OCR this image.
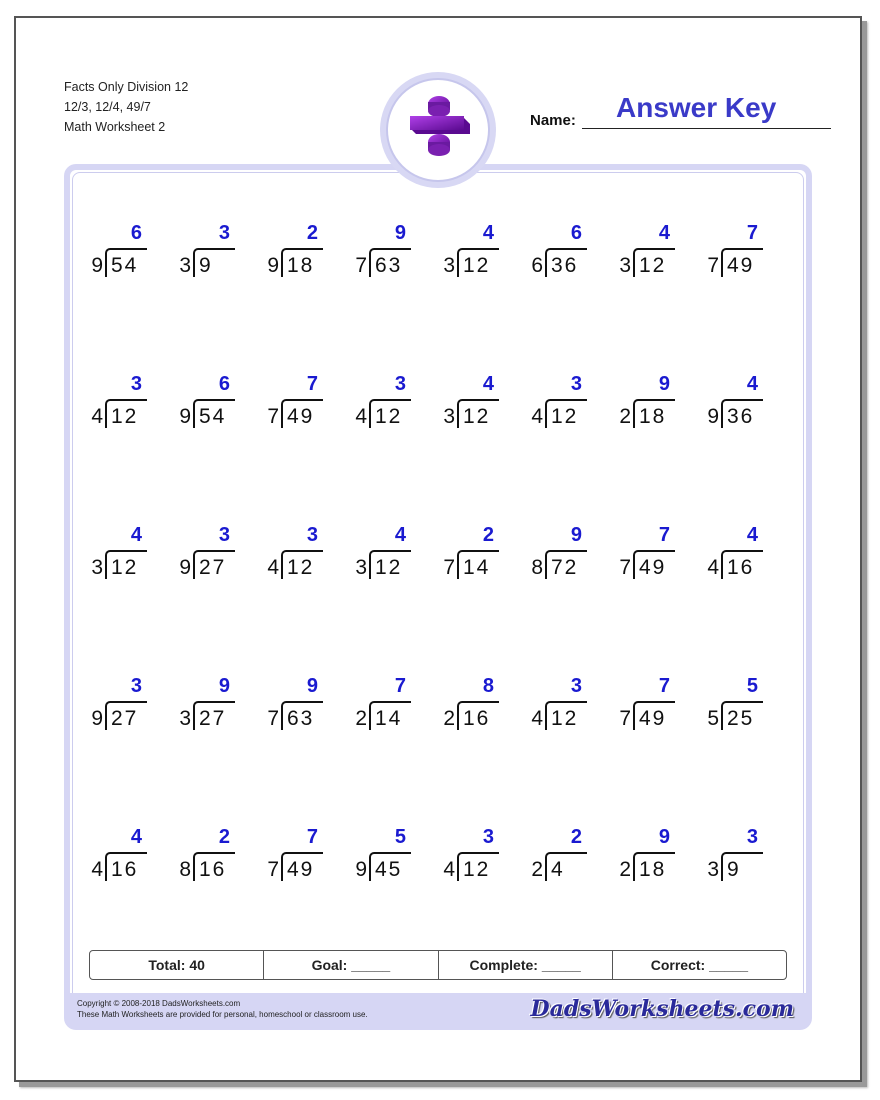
Facts Only Division 12
12/3, 12/4, 49/7
Math Worksheet 2	Name: Answer Key
6
9 54
3
3 9
2
9 18
9
7 63
4
3 12
6
6 36
4
3 12
7
7 49
3
4 12
6
9 54
7
7 49
3
4 12
4
3 12
3
4 12
9
2 18
4
9 36
4
3 12
3
9 27
3
4 12
4
3 12
2
7 14
9
8 72
7
7 49
4
4 16
3
9 27
9
3 27
9
7 63
7
2 14
8
2 16
3
4 12
7
7 49
5
5 25
4
4 16
2
8 16
7
7 49
5
9 45
3
4 12
2
2 4
9
2 18
3
3 9
Total: 40	Goal: _____	Complete: _____	Correct: _____
Copyright © 2008-2018 DadsWorksheets.com
These Math Worksheets are provided for personal, homeschool or classroom use.	DadsWorksheets.com
